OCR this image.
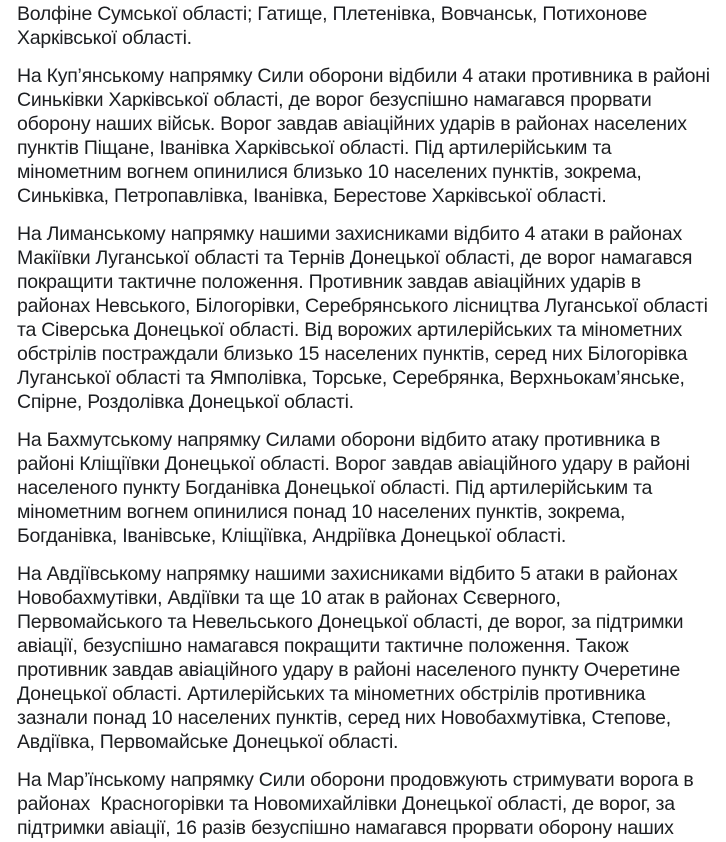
Волфіне Сумської області; Гатище, Плетенівка, Вовчанськ, Потихонове Харківської області.

На Куп’янському напрямку Сили оборони відбили 4 атаки противника в районі Синьківки Харківської області, де ворог безуспішно намагався прорвати оборону наших військ. Ворог завдав авіаційних ударів в районах населених пунктів Піщане, Іванівка Харківської області. Під артилерійським та мінометним вогнем опинилися близько 10 населених пунктів, зокрема, Синьківка, Петропавлівка, Іванівка, Берестове Харківської області.

На Лиманському напрямку нашими захисниками відбито 4 атаки в районах Макіївки Луганської області та Тернів Донецької області, де ворог намагався покращити тактичне положення. Противник завдав авіаційних ударів в районах Невського, Білогорівки, Серебрянського лісництва Луганської області та Сіверська Донецької області. Від ворожих артилерійських та мінометних обстрілів постраждали близько 15 населених пунктів, серед них Білогорівка Луганської області та Ямполівка, Торське, Серебрянка, Верхньокам’янське, Спірне, Роздолівка Донецької області.

На Бахмутському напрямку Силами оборони відбито атаку противника в районі Кліщіївки Донецької області. Ворог завдав авіаційного удару в районі населеного пункту Богданівка Донецької області. Під артилерійським та мінометним вогнем опинилися понад 10 населених пунктів, зокрема, Богданівка, Іванівське, Кліщіївка, Андріївка Донецької області.

На Авдіївському напрямку нашими захисниками відбито 5 атаки в районах Новобахмутівки, Авдіївки та ще 10 атак в районах Сєверного, Первомайського та Невельського Донецької області, де ворог, за підтримки авіації, безуспішно намагався покращити тактичне положення. Також противник завдав авіаційного удару в районі населеного пункту Очеретине Донецької області. Артилерійських та мінометних обстрілів противника зазнали понад 10 населених пунктів, серед них Новобахмутівка, Степове, Авдіївка, Первомайське Донецької області.

На Мар’їнському напрямку Сили оборони продовжують стримувати ворога в районах  Красногорівки та Новомихайлівки Донецької області, де ворог, за підтримки авіації, 16 разів безуспішно намагався прорвати оборону наших
